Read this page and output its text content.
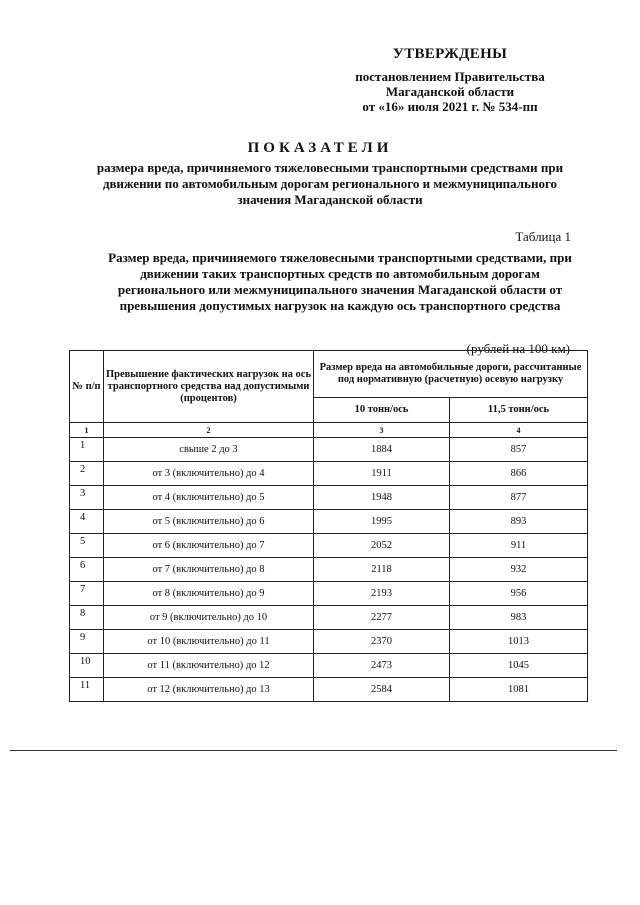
УТВЕРЖДЕНЫ
постановлением Правительства
Магаданской области
от «16» июля 2021 г. № 534-пп
ПОКАЗАТЕЛИ
размера вреда, причиняемого тяжеловесными транспортными средствами при движении по автомобильным дорогам регионального и межмуниципального значения Магаданской области
Таблица 1
Размер вреда, причиняемого тяжеловесными транспортными средствами, при движении таких транспортных средств по автомобильным дорогам регионального или межмуниципального значения Магаданской области от превышения допустимых нагрузок на каждую ось транспортного средства
(рублей на 100 км)
№ п/п	Превышение фактических нагрузок на ось транспортного средства над допустимыми (процентов)	Размер вреда на автомобильные дороги, рассчитанные под нормативную (расчетную) осевую нагрузку	
		10 тонн/ось	11,5 тонн/ось
1	2	3	4
1	свыше 2 до 3	1884	857
2	от 3 (включительно) до 4	1911	866
3	от 4 (включительно) до 5	1948	877
4	от 5 (включительно) до 6	1995	893
5	от 6 (включительно) до 7	2052	911
6	от 7 (включительно) до 8	2118	932
7	от 8 (включительно) до 9	2193	956
8	от 9 (включительно) до 10	2277	983
9	от 10 (включительно) до 11	2370	1013
10	от 11 (включительно) до 12	2473	1045
11	от 12 (включительно) до 13	2584	1081
